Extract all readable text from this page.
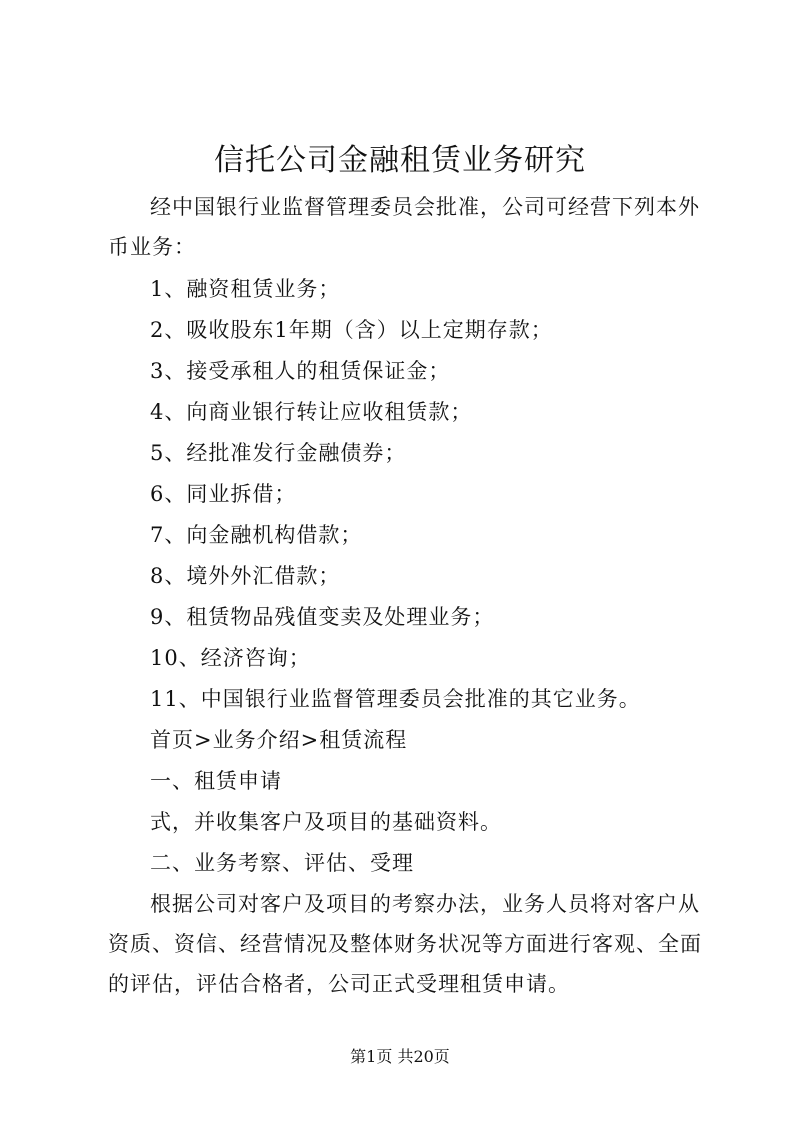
信托公司金融租赁业务研究

经中国银行业监督管理委员会批准，公司可经营下列本外币业务：

1、融资租赁业务；
2、吸收股东1年期（含）以上定期存款；
3、接受承租人的租赁保证金；
4、向商业银行转让应收租赁款；
5、经批准发行金融债券；
6、同业拆借；
7、向金融机构借款；
8、境外外汇借款；
9、租赁物品残值变卖及处理业务；
10、经济咨询；
11、中国银行业监督管理委员会批准的其它业务。
首页>业务介绍>租赁流程
一、租赁申请
式，并收集客户及项目的基础资料。
二、业务考察、评估、受理

根据公司对客户及项目的考察办法，业务人员将对客户从资质、资信、经营情况及整体财务状况等方面进行客观、全面的评估，评估合格者，公司正式受理租赁申请。

第1页 共20页
